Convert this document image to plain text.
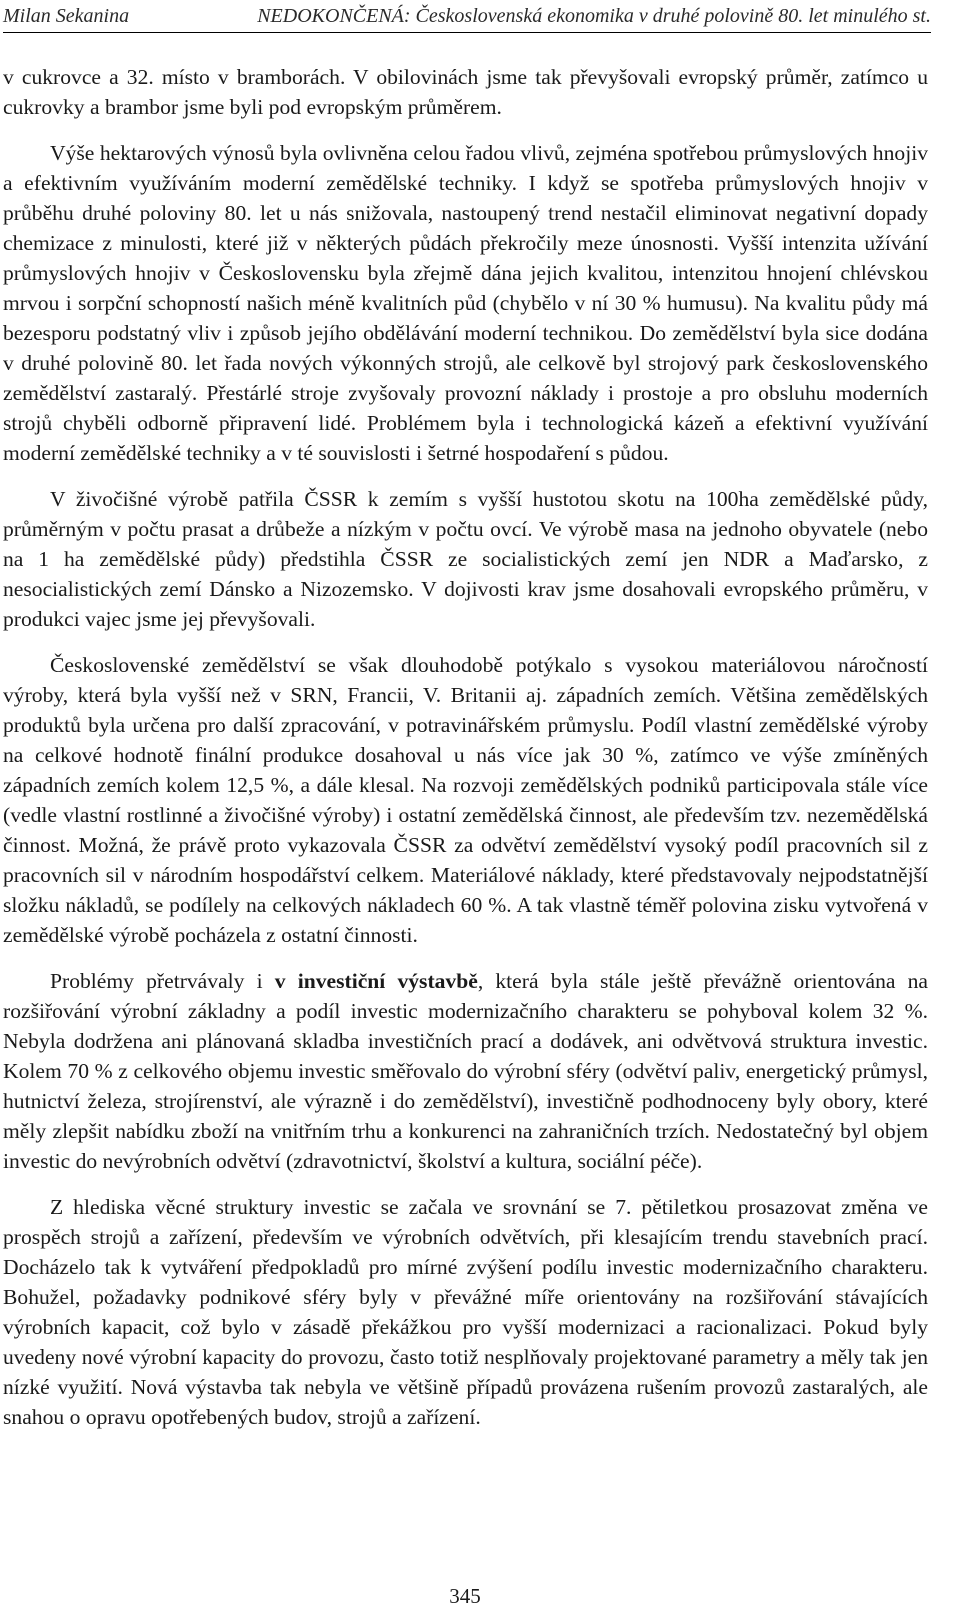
Milan Sekanina	NEDOKONČENÁ: Československá ekonomika v druhé polovině 80. let minulého st.

v cukrovce a 32. místo v bramborách. V obilovinách jsme tak převyšovali evropský průměr, zatímco u cukrovky a brambor jsme byli pod evropským průměrem.

Výše hektarových výnosů byla ovlivněna celou řadou vlivů, zejména spotřebou průmyslových hnojiv a efektivním využíváním moderní zemědělské techniky. I když se spotřeba průmyslových hnojiv v průběhu druhé poloviny 80. let u nás snižovala, nastoupený trend nestačil eliminovat negativní dopady chemizace z minulosti, které již v některých půdách překročily meze únosnosti. Vyšší intenzita užívání průmyslových hnojiv v Československu byla zřejmě dána jejich kvalitou, intenzitou hnojení chlévskou mrvou i sorpční schopností našich méně kvalitních půd (chybělo v ní 30 % humusu). Na kvalitu půdy má bezesporu podstatný vliv i způsob jejího obdělávání moderní technikou. Do zemědělství byla sice dodána v druhé polovině 80. let řada nových výkonných strojů, ale celkově byl strojový park československého zemědělství zastaralý. Přestárlé stroje zvyšovaly provozní náklady i prostoje a pro obsluhu moderních strojů chyběli odborně připravení lidé. Problémem byla i technologická kázeň a efektivní využívání moderní zemědělské techniky a v té souvislosti i šetrné hospodaření s půdou.

V živočišné výrobě patřila ČSSR k zemím s vyšší hustotou skotu na 100ha zemědělské půdy, průměrným v počtu prasat a drůbeže a nízkým v počtu ovcí. Ve výrobě masa na jednoho obyvatele (nebo na 1 ha zemědělské půdy) předstihla ČSSR ze socialistických zemí jen NDR a Maďarsko, z nesocialistických zemí Dánsko a Nizozemsko. V dojivosti krav jsme dosahovali evropského průměru, v produkci vajec jsme jej převyšovali.

Československé zemědělství se však dlouhodobě potýkalo s vysokou materiálovou náročností výroby, která byla vyšší než v SRN, Francii, V. Britanii aj. západních zemích. Většina zemědělských produktů byla určena pro další zpracování, v potravinářském průmyslu. Podíl vlastní zemědělské výroby na celkové hodnotě finální produkce dosahoval u nás více jak 30 %, zatímco ve výše zmíněných západních zemích kolem 12,5 %, a dále klesal. Na rozvoji zemědělských podniků participovala stále více (vedle vlastní rostlinné a živočišné výroby) i ostatní zemědělská činnost, ale především tzv. nezemědělská činnost. Možná, že právě proto vykazovala ČSSR za odvětví zemědělství vysoký podíl pracovních sil z pracovních sil v národním hospodářství celkem. Materiálové náklady, které představovaly nejpodstatnější složku nákladů, se podílely na celkových nákladech 60 %. A tak vlastně téměř polovina zisku vytvořená v zemědělské výrobě pocházela z ostatní činnosti.

Problémy přetrvávaly i v investiční výstavbě, která byla stále ještě převážně orientována na rozšiřování výrobní základny a podíl investic modernizačního charakteru se pohyboval kolem 32 %. Nebyla dodržena ani plánovaná skladba investičních prací a dodávek, ani odvětvová struktura investic. Kolem 70 % z celkového objemu investic směřovalo do výrobní sféry (odvětví paliv, energetický průmysl, hutnictví železa, strojírenství, ale výrazně i do zemědělství), investičně podhodnoceny byly obory, které měly zlepšit nabídku zboží na vnitřním trhu a konkurenci na zahraničních trzích. Nedostatečný byl objem investic do nevýrobních odvětví (zdravotnictví, školství a kultura, sociální péče).

Z hlediska věcné struktury investic se začala ve srovnání se 7. pětiletkou prosazovat změna ve prospěch strojů a zařízení, především ve výrobních odvětvích, při klesajícím trendu stavebních prací. Docházelo tak k vytváření předpokladů pro mírné zvýšení podílu investic modernizačního charakteru. Bohužel, požadavky podnikové sféry byly v převážné míře orientovány na rozšiřování stávajících výrobních kapacit, což bylo v zásadě překážkou pro vyšší modernizaci a racionalizaci. Pokud byly uvedeny nové výrobní kapacity do provozu, často totiž nesplňovaly projektované parametry a měly tak jen nízké využití. Nová výstavba tak nebyla ve většině případů provázena rušením provozů zastaralých, ale snahou o opravu opotřebených budov, strojů a zařízení.

345
